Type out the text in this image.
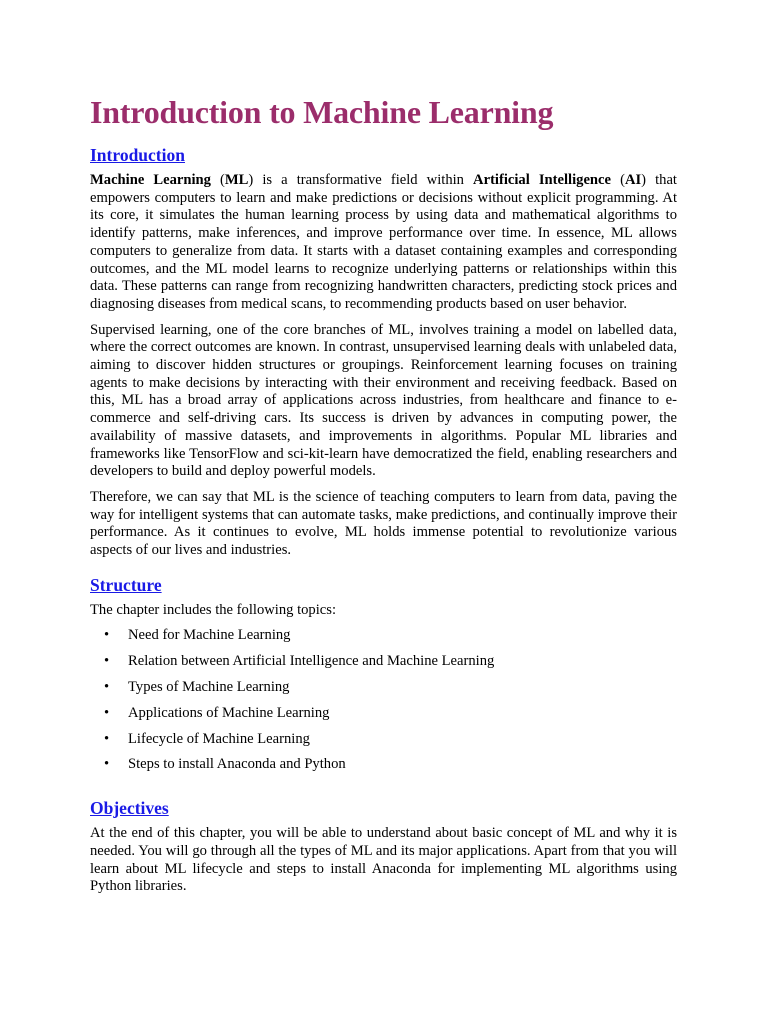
Introduction to Machine Learning
Introduction

Machine Learning (ML) is a transformative field within Artificial Intelligence (AI) that empowers computers to learn and make predictions or decisions without explicit programming. At its core, it simulates the human learning process by using data and mathematical algorithms to identify patterns, make inferences, and improve performance over time. In essence, ML allows computers to generalize from data. It starts with a dataset containing examples and corresponding outcomes, and the ML model learns to recognize underlying patterns or relationships within this data. These patterns can range from recognizing handwritten characters, predicting stock prices and diagnosing diseases from medical scans, to recommending products based on user behavior.

Supervised learning, one of the core branches of ML, involves training a model on labelled data, where the correct outcomes are known. In contrast, unsupervised learning deals with unlabeled data, aiming to discover hidden structures or groupings. Reinforcement learning focuses on training agents to make decisions by interacting with their environment and receiving feedback. Based on this, ML has a broad array of applications across industries, from healthcare and finance to e-commerce and self-driving cars. Its success is driven by advances in computing power, the availability of massive datasets, and improvements in algorithms. Popular ML libraries and frameworks like TensorFlow and sci-kit-learn have democratized the field, enabling researchers and developers to build and deploy powerful models.

Therefore, we can say that ML is the science of teaching computers to learn from data, paving the way for intelligent systems that can automate tasks, make predictions, and continually improve their performance. As it continues to evolve, ML holds immense potential to revolutionize various aspects of our lives and industries.

Structure

The chapter includes the following topics:

• Need for Machine Learning
• Relation between Artificial Intelligence and Machine Learning
• Types of Machine Learning
• Applications of Machine Learning
• Lifecycle of Machine Learning
• Steps to install Anaconda and Python
Objectives

At the end of this chapter, you will be able to understand about basic concept of ML and why it is needed. You will go through all the types of ML and its major applications. Apart from that you will learn about ML lifecycle and steps to install Anaconda for implementing ML algorithms using Python libraries.
